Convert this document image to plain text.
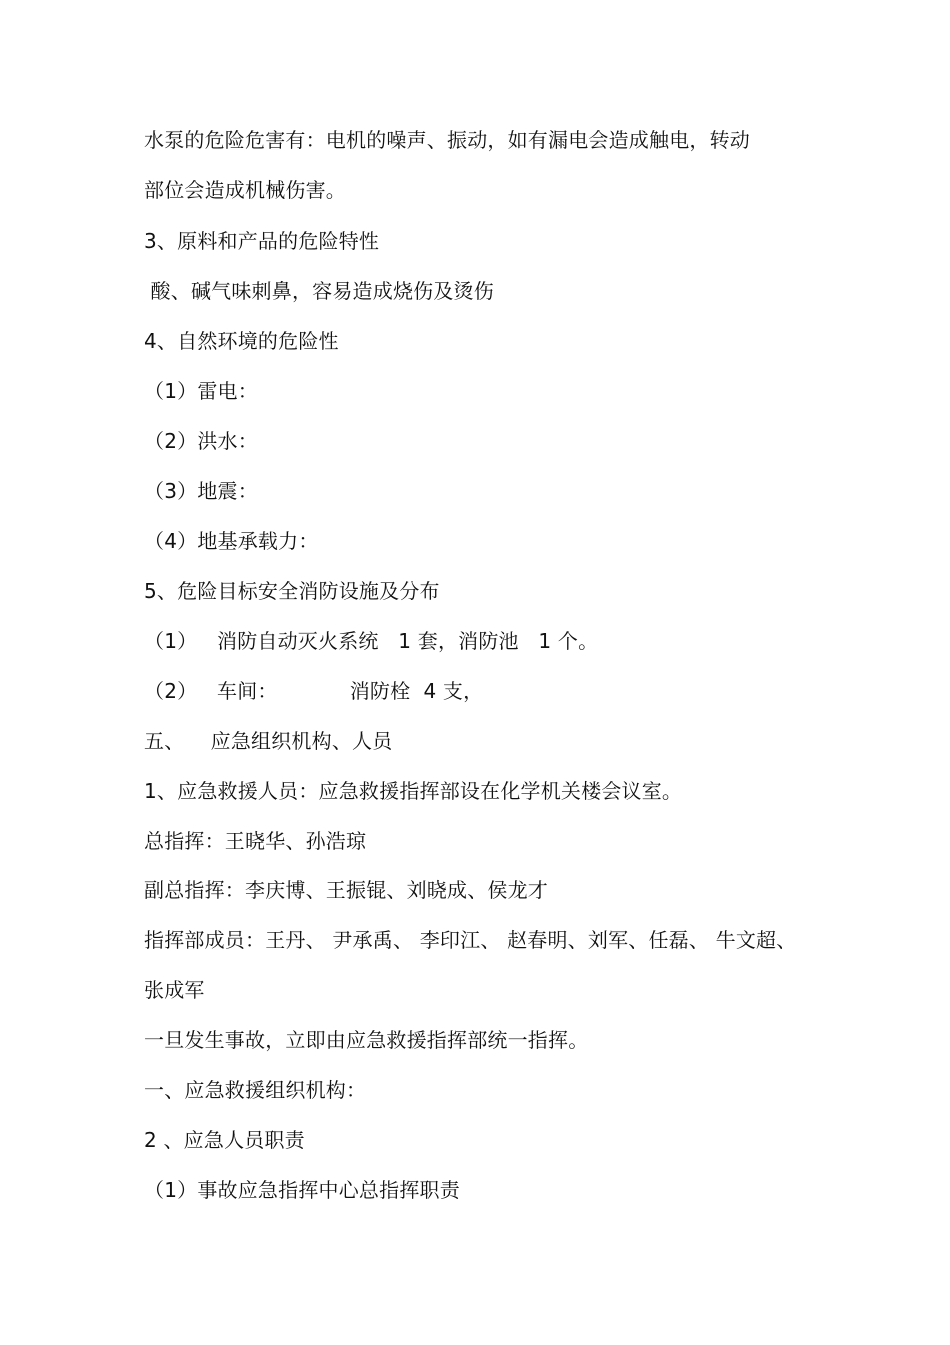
水泵的危险危害有：电机的噪声、振动，如有漏电会造成触电，转动
部位会造成机械伤害。
3、原料和产品的危险特性
酸、碱气味刺鼻，容易造成烧伤及烫伤
4、自然环境的危险性
（1）雷电：
（2）洪水：
（3）地震：
（4）地基承载力：
5、危险目标安全消防设施及分布
（1）   消防自动灭火系统   1 套，消防池   1 个。
（2）   车间：           消防栓  4 支，
五、    应急组织机构、人员
1、应急救援人员：应急救援指挥部设在化学机关楼会议室。
总指挥：王晓华、孙浩琼
副总指挥：李庆博、王振锟、刘晓成、侯龙才
指挥部成员：王丹、 尹承禹、 李印江、 赵春明、刘军、任磊、 牛文超、
张成军
一旦发生事故，立即由应急救援指挥部统一指挥。
一、应急救援组织机构：
2 、应急人员职责
（1）事故应急指挥中心总指挥职责
